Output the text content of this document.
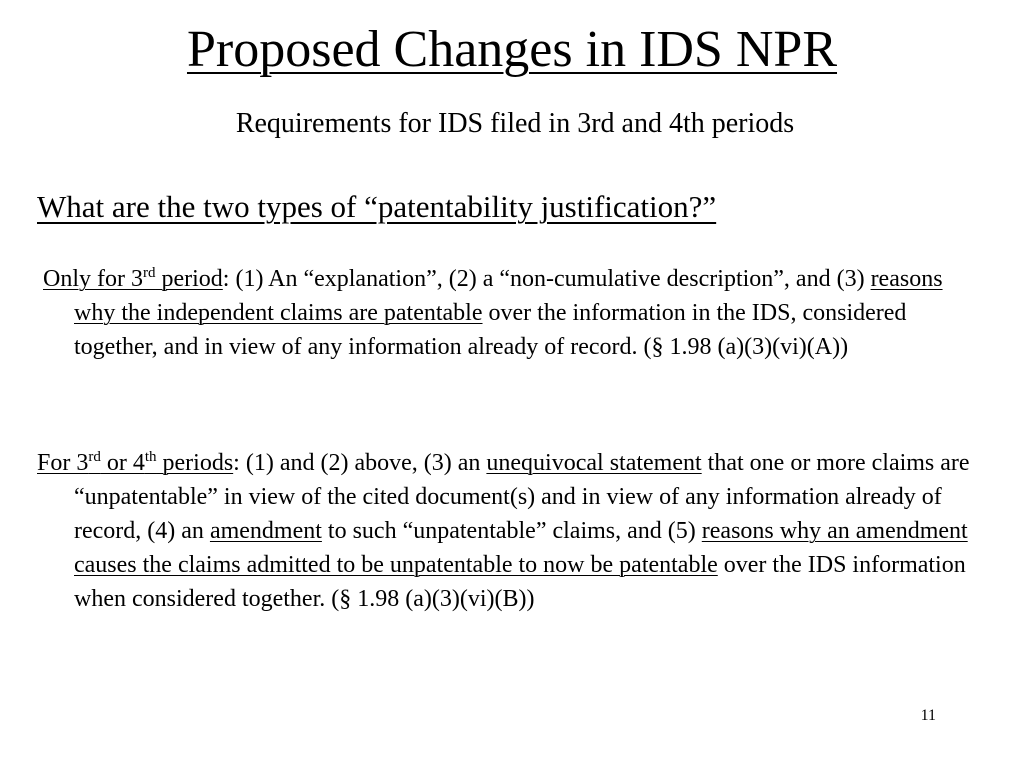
Proposed Changes in IDS NPR
Requirements for IDS filed in 3rd and 4th periods
What are the two types of “patentability justification?”

Only for 3rd period: (1) An “explanation”, (2) a “non-cumulative description”, and (3) reasons why the independent claims are patentable over the information in the IDS, considered together, and in view of any information already of record. (§ 1.98 (a)(3)(vi)(A))

For 3rd or 4th periods: (1) and (2) above, (3) an unequivocal statement that one or more claims are “unpatentable” in view of the cited document(s) and in view of any information already of record, (4) an amendment to such “unpatentable” claims, and (5) reasons why an amendment causes the claims admitted to be unpatentable to now be patentable over the IDS information when considered together. (§ 1.98 (a)(3)(vi)(B))

11
